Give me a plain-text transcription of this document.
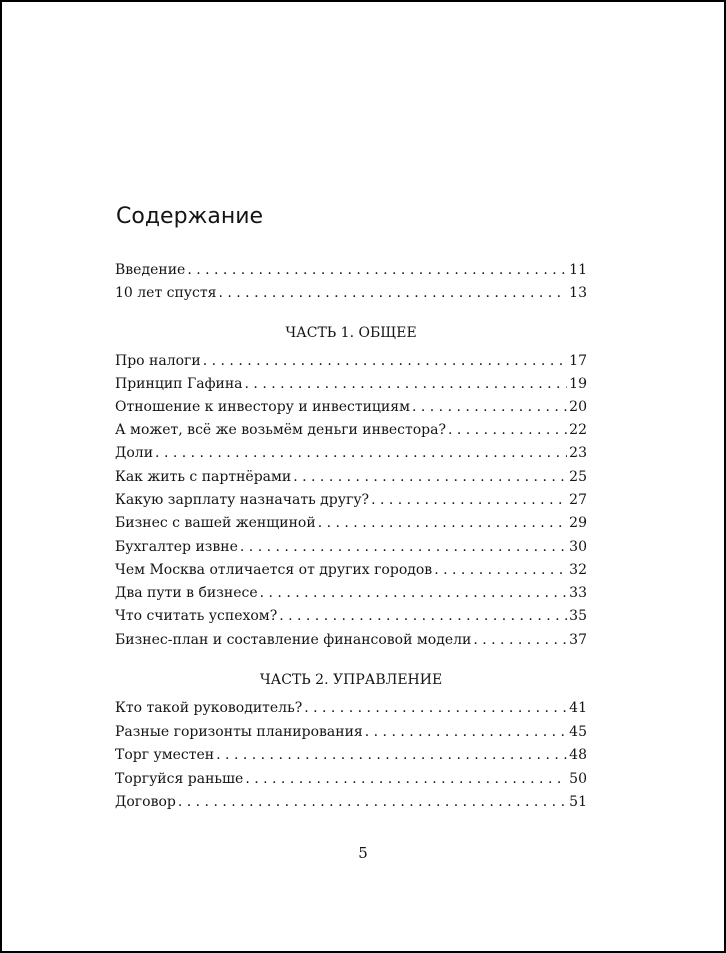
Содержание
Введение . . .	11
10 лет спустя . . .	13
ЧАСТЬ 1. ОБЩЕЕ
Про налоги . . .	17
Принцип Гафина . . .	19
Отношение к инвестору и инвестициям . . .	20
А может, всё же возьмём деньги инвестора? . . .	22
Доли . . .	23
Как жить с партнёрами . . .	25
Какую зарплату назначать другу? . . .	27
Бизнес с вашей женщиной . . .	29
Бухгалтер извне . . .	30
Чем Москва отличается от других городов . . .	32
Два пути в бизнесе . . .	33
Что считать успехом? . . .	35
Бизнес-план и составление финансовой модели . . .	37
ЧАСТЬ 2. УПРАВЛЕНИЕ
Кто такой руководитель? . . .	41
Разные горизонты планирования . . .	45
Торг уместен . . .	48
Торгуйся раньше . . .	50
Договор . . .	51
5
